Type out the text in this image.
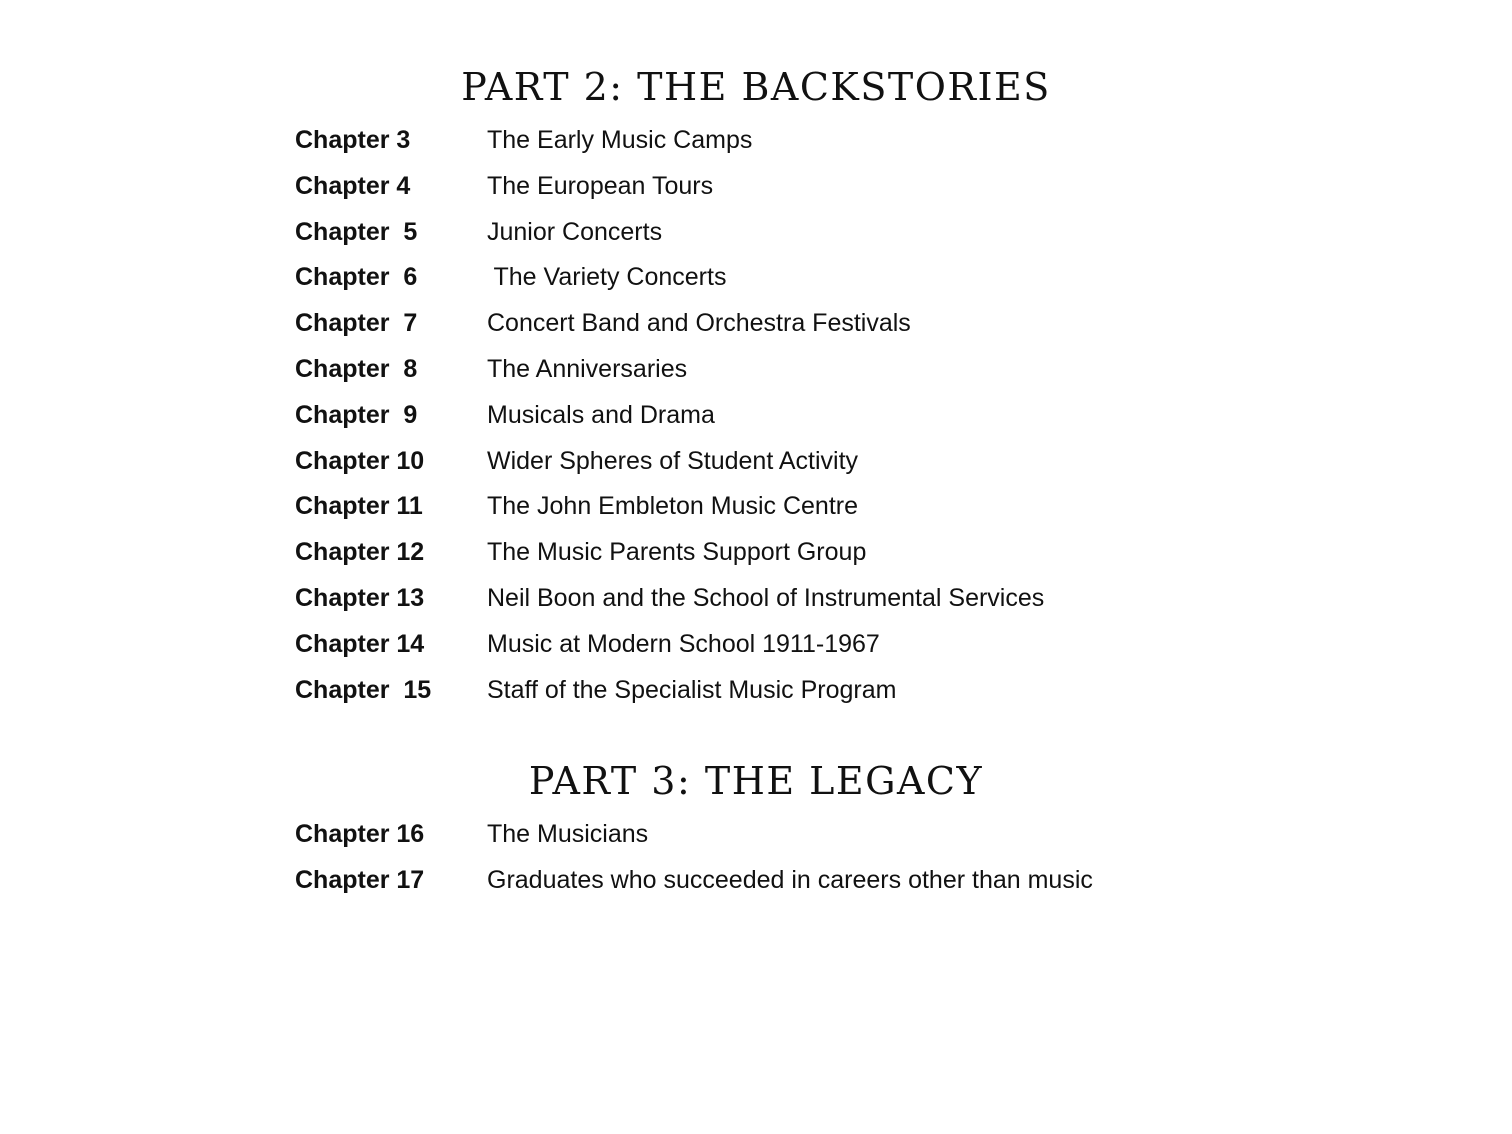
PART 2: THE BACKSTORIES
Chapter 3	The Early Music Camps
Chapter 4	The European Tours
Chapter  5	Junior Concerts
Chapter  6	The Variety Concerts
Chapter  7	Concert Band and Orchestra Festivals
Chapter  8	The Anniversaries
Chapter  9	Musicals and Drama
Chapter 10	Wider Spheres of Student Activity
Chapter 11	The John Embleton Music Centre
Chapter 12	The Music Parents Support Group
Chapter 13	Neil Boon and the School of Instrumental Services
Chapter 14	Music at Modern School 1911-1967
Chapter  15	Staff of the Specialist Music Program
PART 3: THE LEGACY
Chapter 16	The Musicians
Chapter 17	Graduates who succeeded in careers other than music
